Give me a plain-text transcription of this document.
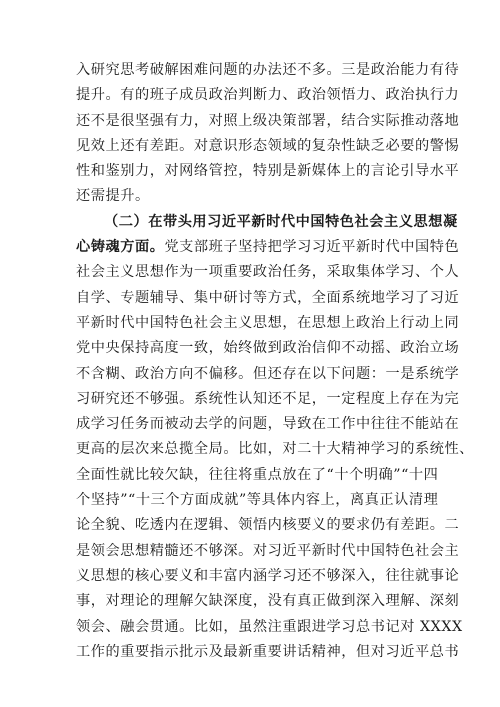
入研究思考破解困难问题的办法还不多。三是政治能力有待
提升。有的班子成员政治判断力、政治领悟力、政治执行力
还不是很坚强有力，对照上级决策部署，结合实际推动落地
见效上还有差距。对意识形态领域的复杂性缺乏必要的警惕
性和鉴别力，对网络管控，特别是新媒体上的言论引导水平
还需提升。
（二）在带头用习近平新时代中国特色社会主义思想凝
心铸魂方面。党支部班子坚持把学习习近平新时代中国特色
社会主义思想作为一项重要政治任务，采取集体学习、个人
自学、专题辅导、集中研讨等方式，全面系统地学习了习近
平新时代中国特色社会主义思想，在思想上政治上行动上同
党中央保持高度一致，始终做到政治信仰不动摇、政治立场
不含糊、政治方向不偏移。但还存在以下问题：一是系统学
习研究还不够强。系统性认知还不足，一定程度上存在为完
成学习任务而被动去学的问题，导致在工作中往往不能站在
更高的层次来总揽全局。比如，对二十大精神学习的系统性、
全面性就比较欠缺，往往将重点放在了“十个明确”“十四
个坚持”“十三个方面成就”等具体内容上，离真正认清理
论全貌、吃透内在逻辑、领悟内核要义的要求仍有差距。二
是领会思想精髓还不够深。对习近平新时代中国特色社会主
义思想的核心要义和丰富内涵学习还不够深入，往往就事论
事，对理论的理解欠缺深度，没有真正做到深入理解、深刻
领会、融会贯通。比如，虽然注重跟进学习总书记对 XXXX
工作的重要指示批示及最新重要讲话精神，但对习近平总书
